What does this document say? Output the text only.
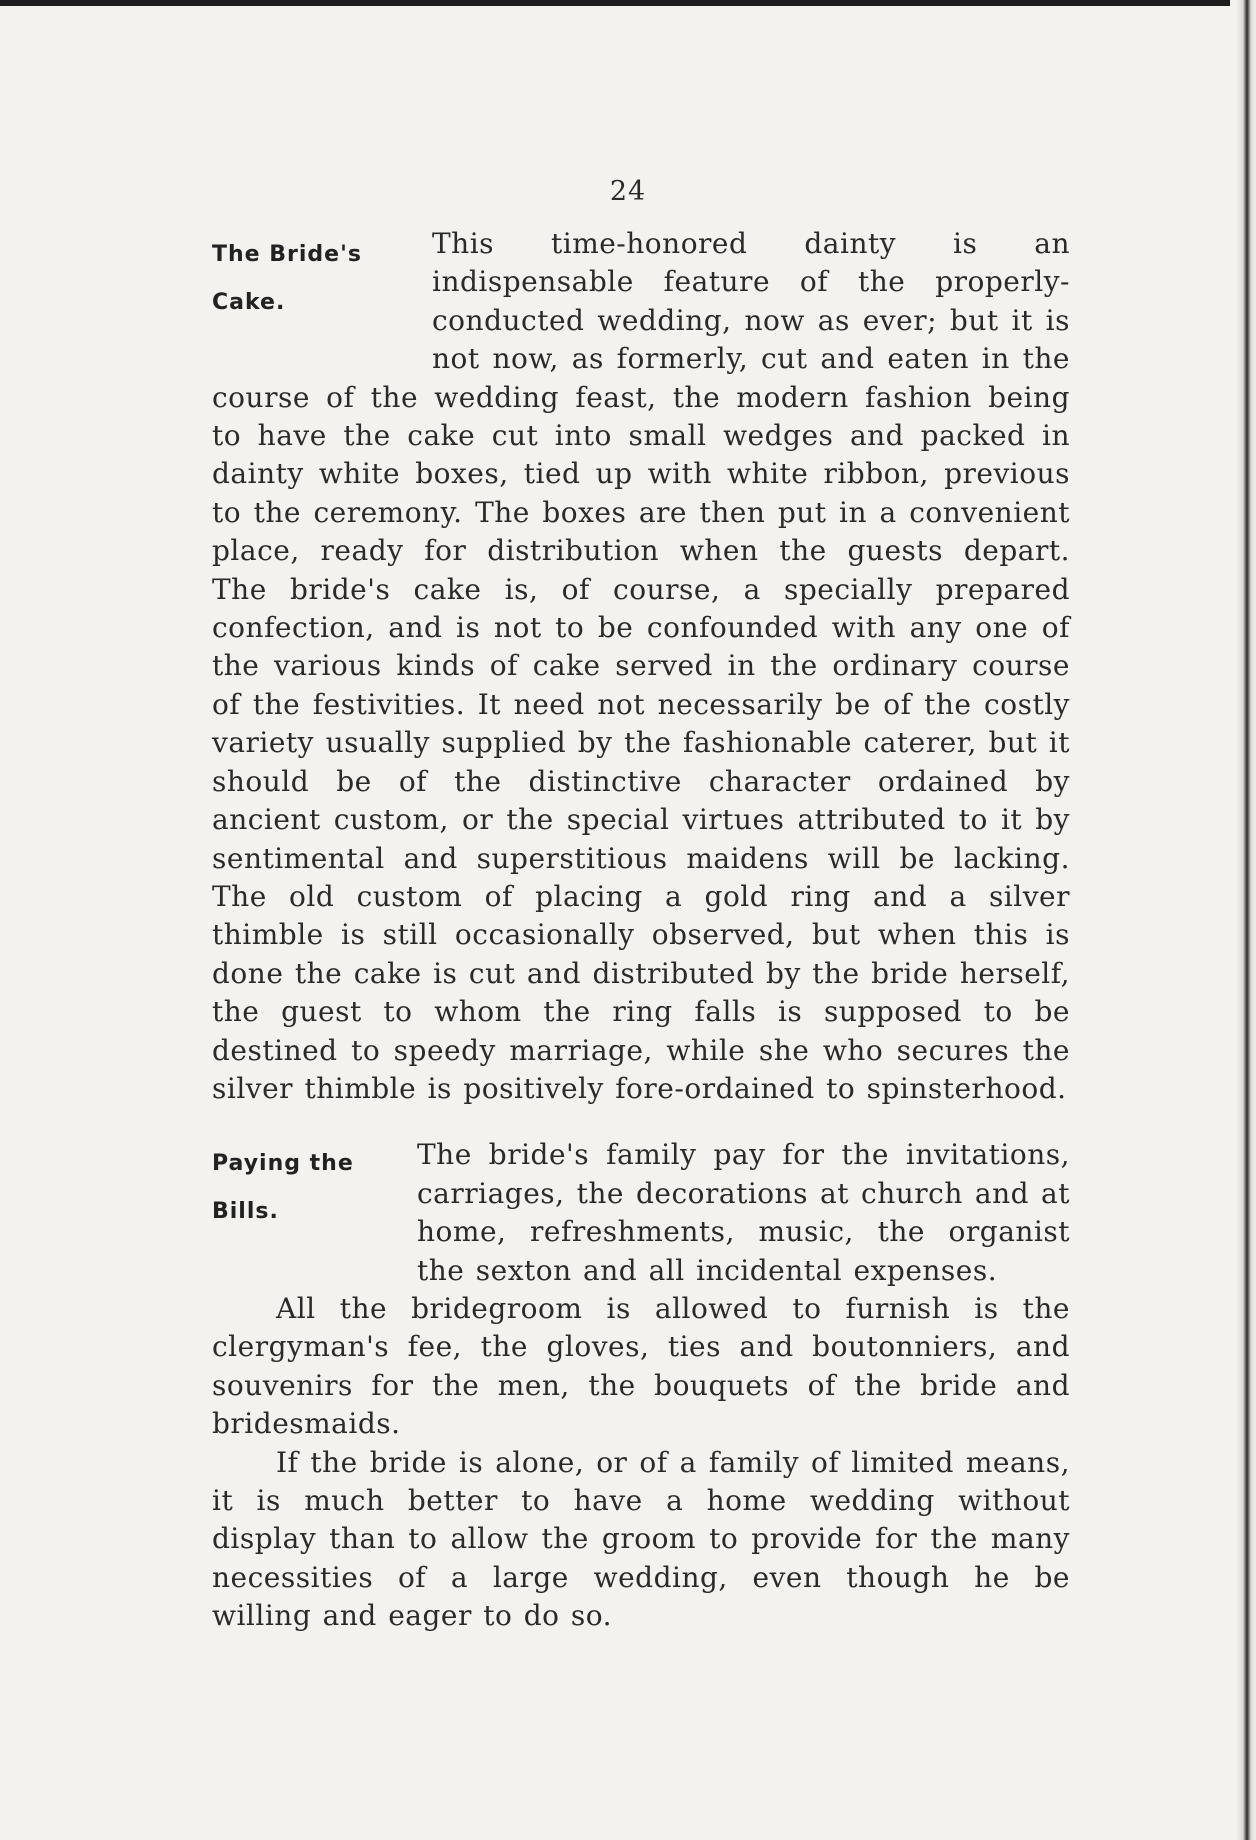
24
The Bride's Cake.

This time-honored dainty is an indispensable feature of the properly-conducted wedding, now as ever; but it is not now, as formerly, cut and eaten in the course of the wedding feast, the modern fashion being to have the cake cut into small wedges and packed in dainty white boxes, tied up with white ribbon, previous to the ceremony. The boxes are then put in a convenient place, ready for distribution when the guests depart. The bride's cake is, of course, a specially prepared confection, and is not to be confounded with any one of the various kinds of cake served in the ordinary course of the festivities. It need not necessarily be of the costly variety usually supplied by the fashionable caterer, but it should be of the distinctive character ordained by ancient custom, or the special virtues attributed to it by sentimental and superstitious maidens will be lacking. The old custom of placing a gold ring and a silver thimble is still occasionally observed, but when this is done the cake is cut and distributed by the bride herself, the guest to whom the ring falls is supposed to be destined to speedy marriage, while she who secures the silver thimble is positively fore-ordained to spinsterhood.

Paying the Bills.

The bride's family pay for the invitations, carriages, the decorations at church and at home, refreshments, music, the organist the sexton and all incidental expenses.

All the bridegroom is allowed to furnish is the clergyman's fee, the gloves, ties and boutonniers, and souvenirs for the men, the bouquets of the bride and bridesmaids.

If the bride is alone, or of a family of limited means, it is much better to have a home wedding without display than to allow the groom to provide for the many necessities of a large wedding, even though he be willing and eager to do so.
